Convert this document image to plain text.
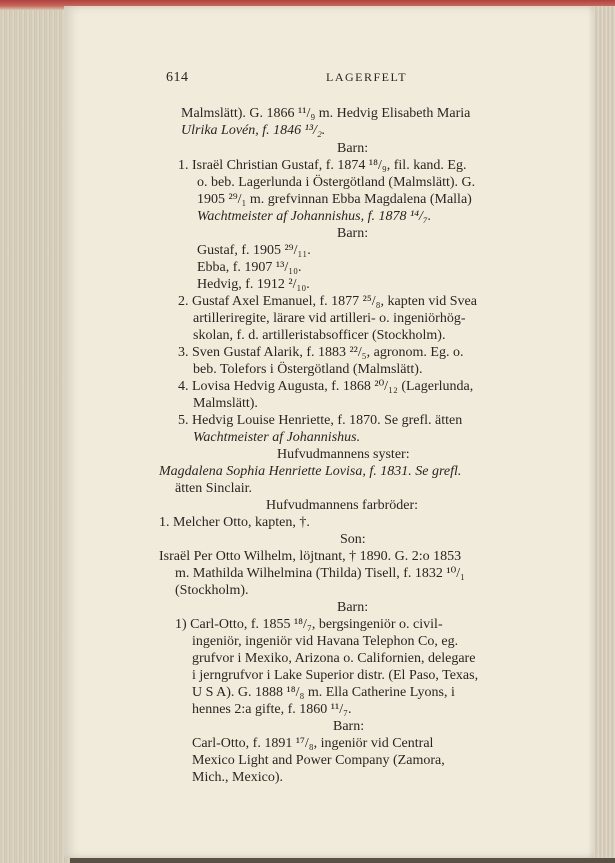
614	LAGERFELT
Malmslätt). G. 1866 ¹¹/₉ m. Hedvig Elisabeth Maria
Ulrika Lovén, f. 1846 ¹³/₂.
Barn:
1. Israël Christian Gustaf, f. 1874 ¹⁸/₉, fil. kand. Eg.
o. beb. Lagerlunda i Östergötland (Malmslätt). G.
1905 ²⁹/₁ m. grefvinnan Ebba Magdalena (Malla)
Wachtmeister af Johannishus, f. 1878 ¹⁴/₇.
Barn:
Gustaf, f. 1905 ²⁹/₁₁.
Ebba, f. 1907 ¹³/₁₀.
Hedvig, f. 1912 ²/₁₀.
2. Gustaf Axel Emanuel, f. 1877 ²⁵/₈, kapten vid Svea
artilleriregite, lärare vid artilleri- o. ingeniörhög-
skolan, f. d. artilleristabsofficer (Stockholm).
3. Sven Gustaf Alarik, f. 1883 ²²/₅, agronom. Eg. o.
beb. Tolefors i Östergötland (Malmslätt).
4. Lovisa Hedvig Augusta, f. 1868 ²⁰/₁₂ (Lagerlunda,
Malmslätt).
5. Hedvig Louise Henriette, f. 1870. Se grefl. ätten
Wachtmeister af Johannishus.
Hufvudmannens syster:
Magdalena Sophia Henriette Lovisa, f. 1831. Se grefl.
ätten Sinclair.
Hufvudmannens farbröder:
1. Melcher Otto, kapten, †.
Son:
Israël Per Otto Wilhelm, löjtnant, † 1890. G. 2:o 1853
m. Mathilda Wilhelmina (Thilda) Tisell, f. 1832 ¹⁰/₁
(Stockholm).
Barn:
1) Carl-Otto, f. 1855 ¹⁸/₇, bergsingeniör o. civil-
ingeniör, ingeniör vid Havana Telephon Co, eg.
grufvor i Mexiko, Arizona o. Californien, delegare
i jerngrufvor i Lake Superior distr. (El Paso, Texas,
U S A). G. 1888 ¹⁸/₈ m. Ella Catherine Lyons, i
hennes 2:a gifte, f. 1860 ¹¹/₇.
Barn:
Carl-Otto, f. 1891 ¹⁷/₈, ingeniör vid Central
Mexico Light and Power Company (Zamora,
Mich., Mexico).
